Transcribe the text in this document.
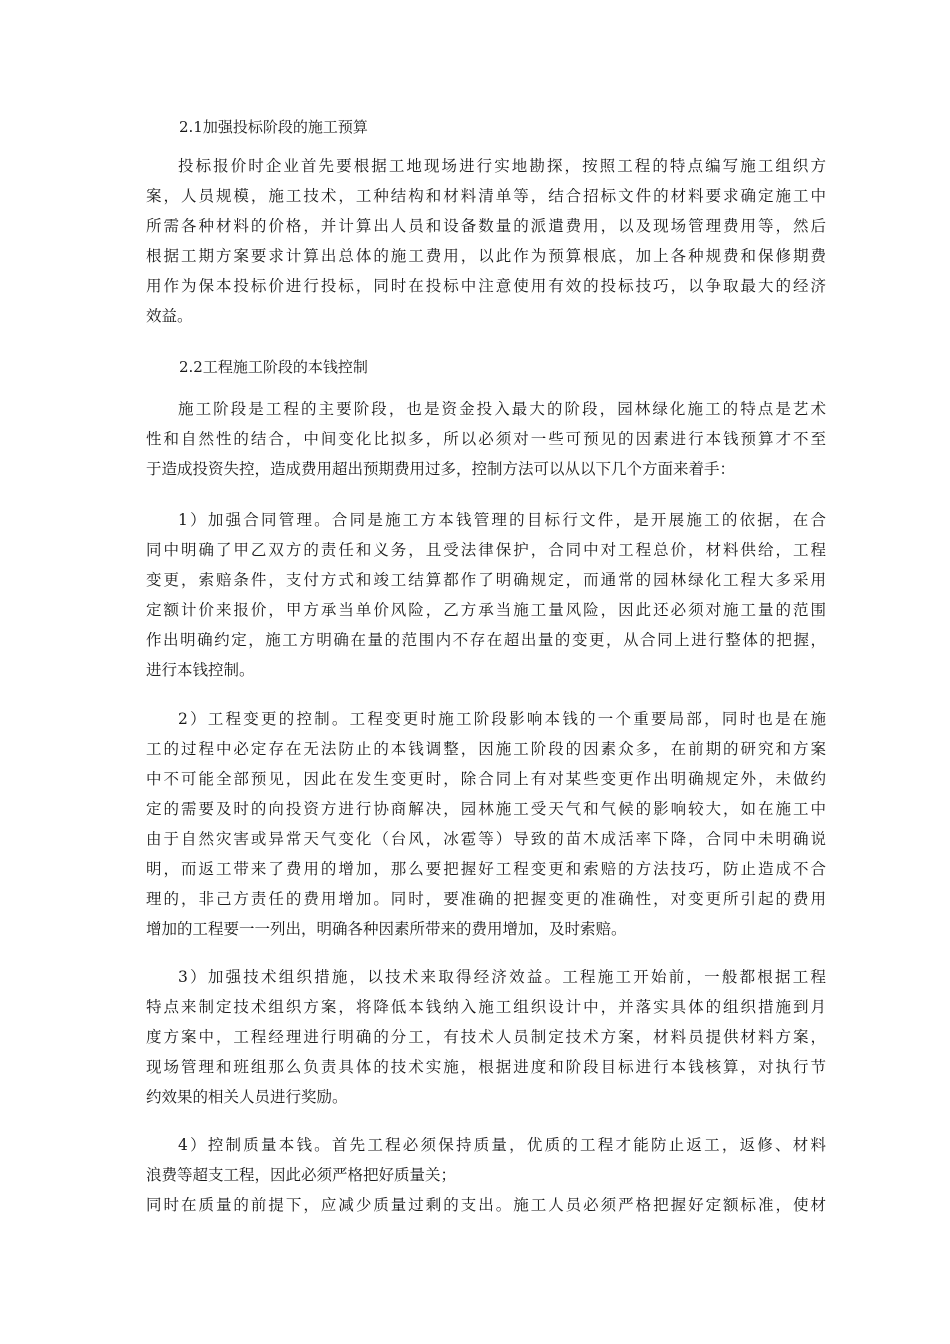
2.1加强投标阶段的施工预算
投标报价时企业首先要根据工地现场进行实地勘探，按照工程的特点编写施工组织方
案，人员规模，施工技术，工种结构和材料清单等，结合招标文件的材料要求确定施工中
所需各种材料的价格，并计算出人员和设备数量的派遣费用，以及现场管理费用等，然后
根据工期方案要求计算出总体的施工费用，以此作为预算根底，加上各种规费和保修期费
用作为保本投标价进行投标，同时在投标中注意使用有效的投标技巧，以争取最大的经济
效益。
2.2工程施工阶段的本钱控制
施工阶段是工程的主要阶段，也是资金投入最大的阶段，园林绿化施工的特点是艺术
性和自然性的结合，中间变化比拟多，所以必须对一些可预见的因素进行本钱预算才不至
于造成投资失控，造成费用超出预期费用过多，控制方法可以从以下几个方面来着手：
1）加强合同管理。合同是施工方本钱管理的目标行文件，是开展施工的依据，在合
同中明确了甲乙双方的责任和义务，且受法律保护，合同中对工程总价，材料供给，工程
变更，索赔条件，支付方式和竣工结算都作了明确规定，而通常的园林绿化工程大多采用
定额计价来报价，甲方承当单价风险，乙方承当施工量风险，因此还必须对施工量的范围
作出明确约定，施工方明确在量的范围内不存在超出量的变更，从合同上进行整体的把握，
进行本钱控制。
2）工程变更的控制。工程变更时施工阶段影响本钱的一个重要局部，同时也是在施
工的过程中必定存在无法防止的本钱调整，因施工阶段的因素众多，在前期的研究和方案
中不可能全部预见，因此在发生变更时，除合同上有对某些变更作出明确规定外，未做约
定的需要及时的向投资方进行协商解决，园林施工受天气和气候的影响较大，如在施工中
由于自然灾害或异常天气变化（台风，冰雹等）导致的苗木成活率下降，合同中未明确说
明，而返工带来了费用的增加，那么要把握好工程变更和索赔的方法技巧，防止造成不合
理的，非己方责任的费用增加。同时，要准确的把握变更的准确性，对变更所引起的费用
增加的工程要一一列出，明确各种因素所带来的费用增加，及时索赔。
3）加强技术组织措施，以技术来取得经济效益。工程施工开始前，一般都根据工程
特点来制定技术组织方案，将降低本钱纳入施工组织设计中，并落实具体的组织措施到月
度方案中，工程经理进行明确的分工，有技术人员制定技术方案，材料员提供材料方案，
现场管理和班组那么负责具体的技术实施，根据进度和阶段目标进行本钱核算，对执行节
约效果的相关人员进行奖励。
4）控制质量本钱。首先工程必须保持质量，优质的工程才能防止返工，返修、材料
浪费等超支工程，因此必须严格把好质量关；
同时在质量的前提下，应减少质量过剩的支出。施工人员必须严格把握好定额标准，使材
